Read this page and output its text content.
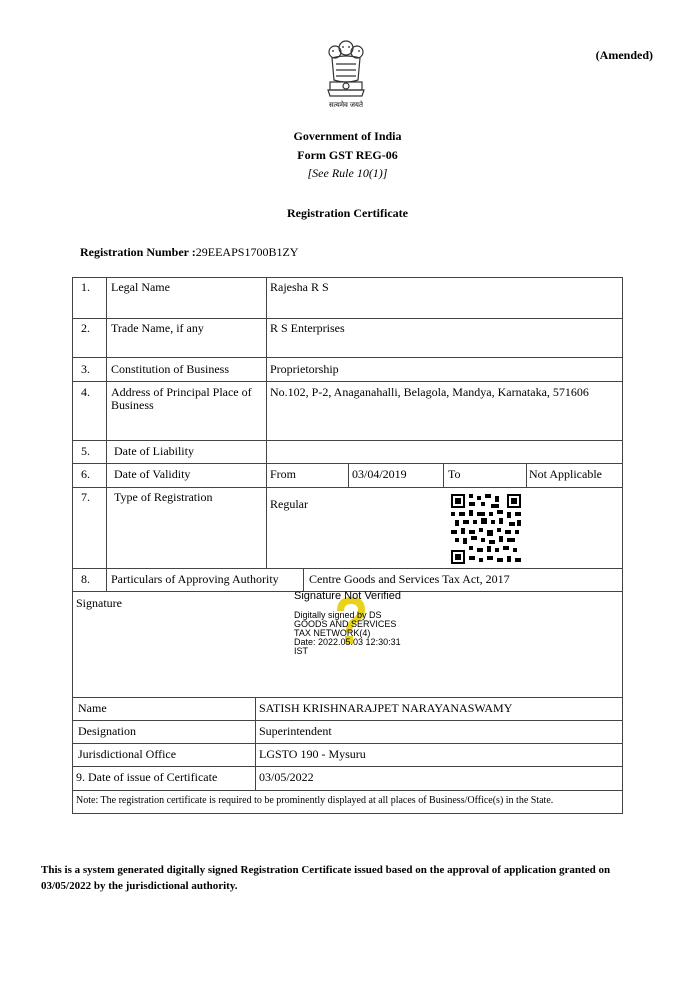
सत्यमेव जयते
(Amended)
Government of India
Form GST REG-06
[See Rule 10(1)]
Registration Certificate
Registration Number :29EEAPS1700B1ZY
1. Legal Name	Rajesha R S
2. Trade Name, if any	R S Enterprises
3. Constitution of Business	Proprietorship
4. Address of Principal Place of Business
No.102, P-2, Anaganahalli, Belagola, Mandya, Karnataka, 571606
5. Date of Liability
6. Date of Validity	From	03/04/2019	To	Not Applicable
7. Type of Registration	Regular
8. Particulars of Approving Authority	Centre Goods and Services Tax Act, 2017
Signature	Signature Not Verified
Digitally signed by DS
GOODS AND SERVICES
TAX NETWORK(4)
Date: 2022.05.03 12:30:31
IST
Name	SATISH KRISHNARAJPET NARAYANASWAMY
Designation	Superintendent
Jurisdictional Office	LGSTO 190 - Mysuru
9. Date of issue of Certificate	03/05/2022
Note: The registration certificate is required to be prominently displayed at all places of Business/Office(s) in the State.
This is a system generated digitally signed Registration Certificate issued based on the approval of application granted on 03/05/2022 by the jurisdictional authority.
